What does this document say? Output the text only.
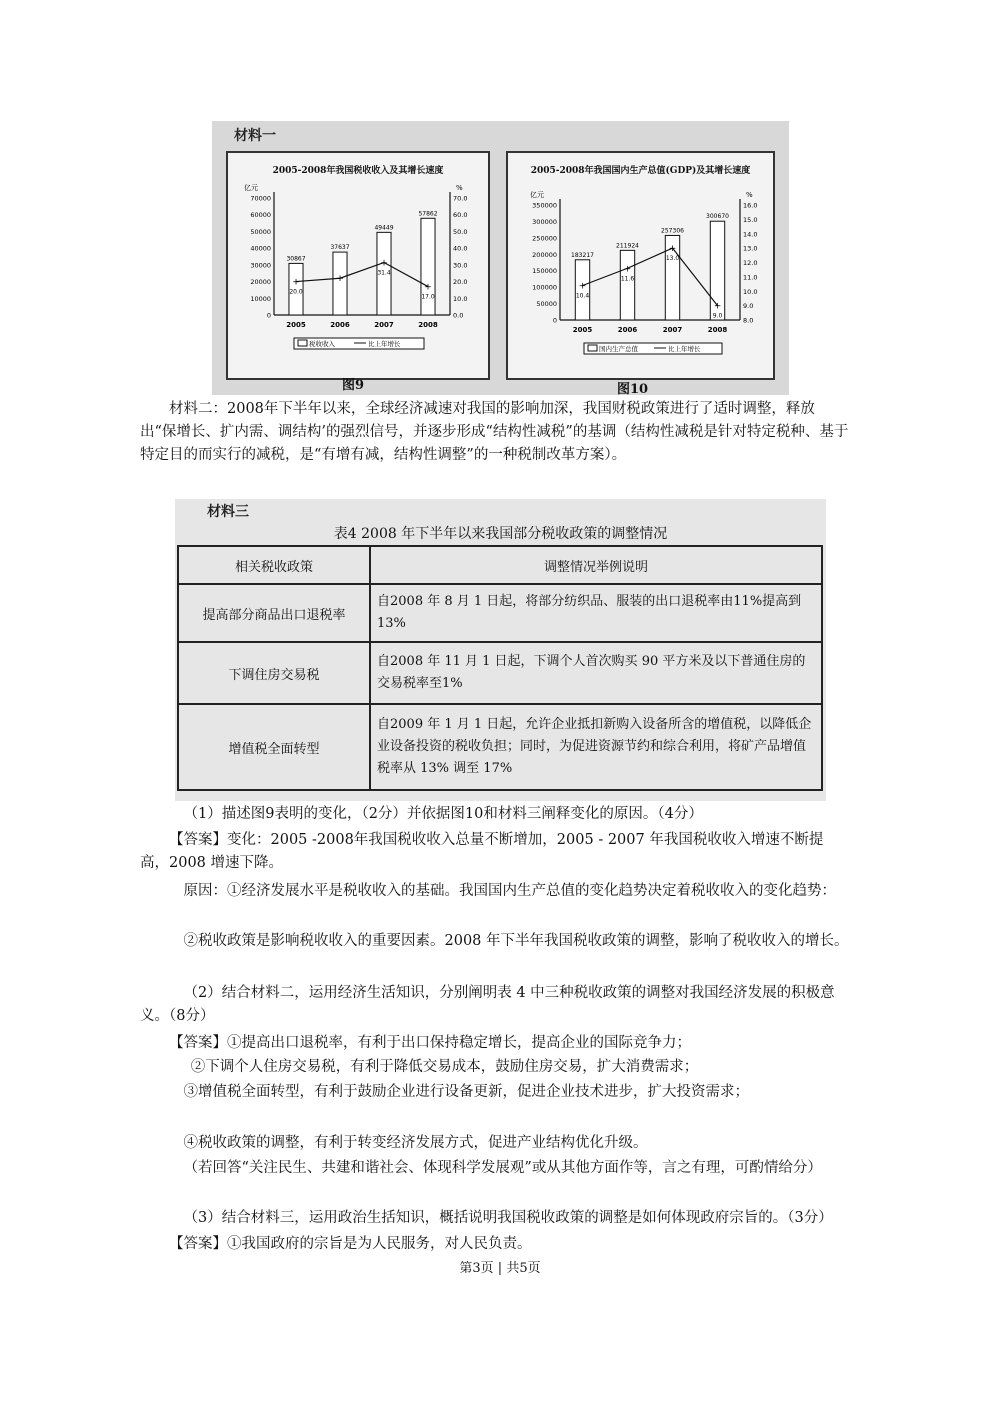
材料一
2005-2008年我国税收收入及其增长速度
亿元	%
70000
60000
50000
40000
30000
20000
10000
0
70.0
60.0
50.0
40.0
30.0
20.0
10.0
0.0
30867
2005
37637
2006
49449
2007
57862
2008
+
20.0
+
+
31.4
+
17.0
税收收入	比上年增长
2005-2008年我国国内生产总值(GDP)及其增长速度
亿元	%
350000
300000
250000
200000
150000
100000
50000
0
16.0
15.0
14.0
13.0
12.0
11.0
10.0
9.0
8.0
183217
2005
211924
2006
257306
2007
300670
2008
+
10.4
+
11.6
+
13.0
+
9.0
国内生产总值	比上年增长
图9	图10
材料二：2008年下半年以来，全球经济减速对我国的影响加深，我国财税政策进行了适时调整，释放出“保增长、扩内需、调结构’的强烈信号，并逐步形成“结构性减税”的基调（结构性减税是针对特定税种、基于特定目的而实行的减税，是“有增有减，结构性调整”的一种税制改革方案）。
材料三
表4 2008 年下半年以来我国部分税收政策的调整情况
相关税收政策	调整情况举例说明
提高部分商品出口退税率	自2008 年 8 月 1 日起，将部分纺织品、服装的出口退税率由11%提高到13%
下调住房交易税	自2008 年 11 月 1 日起，下调个人首次购买 90 平方米及以下普通住房的交易税率至1%
增值税全面转型	自2009 年 1 月 1 日起，允许企业抵扣新购入设备所含的增值税，以降低企业设备投资的税收负担；同时，为促进资源节约和综合利用，将矿产品增值税率从 13% 调至 17%
（1）描述图9表明的变化，（2分）并依据图10和材料三阐释变化的原因。（4分）
【答案】变化：2005 -2008年我国税收收入总量不断增加，2005 - 2007 年我国税收收入增速不断提高，2008 增速下降。
原因：①经济发展水平是税收收入的基础。我国国内生产总值的变化趋势决定着税收收入的变化趋势：
②税收政策是影响税收收入的重要因素。2008 年下半年我国税收政策的调整，影响了税收收入的增长。
（2）结合材料二，运用经济生活知识，分别阐明表 4 中三种税收政策的调整对我国经济发展的积极意义。（8分）
【答案】①提高出口退税率，有利于出口保持稳定增长，提高企业的国际竞争力；
②下调个人住房交易税，有利于降低交易成本，鼓励住房交易，扩大消费需求；
③增值税全面转型，有利于鼓励企业进行设备更新，促进企业技术进步，扩大投资需求；
④税收政策的调整，有利于转变经济发展方式，促进产业结构优化升级。
（若回答“关注民生、共建和谐社会、体现科学发展观”或从其他方面作等，言之有理，可酌情给分）
（3）结合材料三，运用政治生括知识，概括说明我国税收政策的调整是如何体现政府宗旨的。（3分）
【答案】①我国政府的宗旨是为人民服务，对人民负责。
第3页 | 共5页
